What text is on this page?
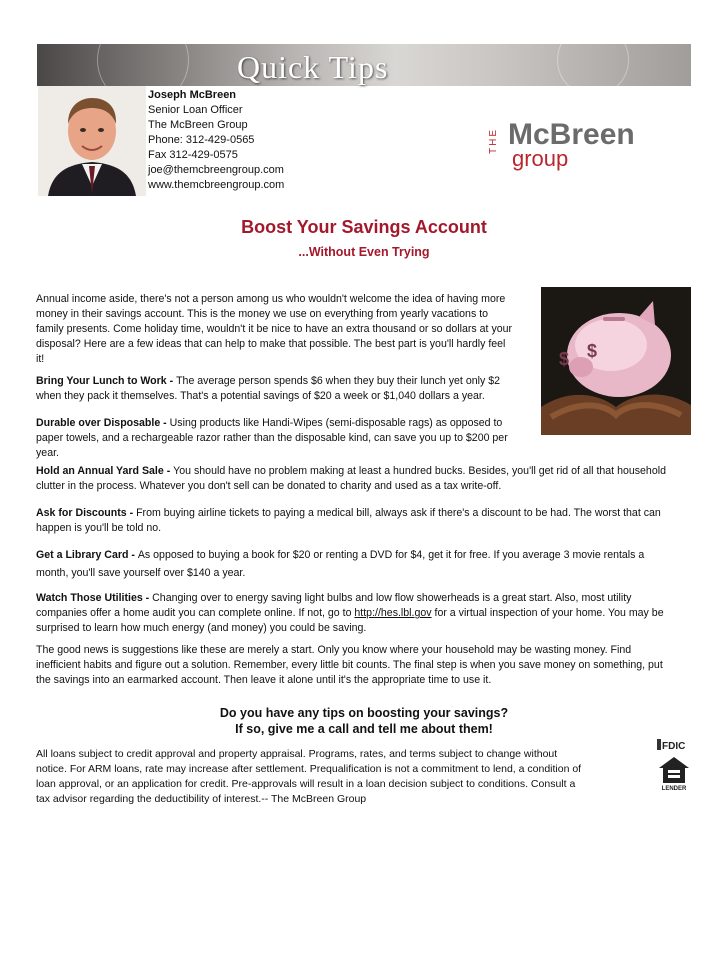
Quick Tips
Joseph McBreen
Senior Loan Officer
The McBreen Group
Phone: 312-429-0565
Fax 312-429-0575
joe@themcbreengroup.com
www.themcbreengroup.com
THE McBreen
group
Boost Your Savings Account
...Without Even Trying
$ $

Annual income aside, there's not a person among us who wouldn't welcome the idea of having more
money in their savings account. This is the money we use on everything from yearly vacations to
family presents. Come holiday time, wouldn't it be nice to have an extra thousand or so dollars at your
disposal? Here are a few ideas that can help to make that possible. The best part is you'll hardly feel
it!

Bring Your Lunch to Work - The average person spends $6 when they buy their lunch yet only $2
when they pack it themselves. That's a potential savings of $20 a week or $1,040 dollars a year.

Durable over Disposable - Using products like Handi-Wipes (semi-disposable rags) as opposed to
paper towels, and a rechargeable razor rather than the disposable kind, can save you up to $200 per
year.

Hold an Annual Yard Sale - You should have no problem making at least a hundred bucks. Besides, you'll get rid of all that household
clutter in the process. Whatever you don't sell can be donated to charity and used as a tax write-off.

Ask for Discounts - From buying airline tickets to paying a medical bill, always ask if there's a discount to be had. The worst that can
happen is you'll be told no.

Get a Library Card - As opposed to buying a book for $20 or renting a DVD for $4, get it for free. If you average 3 movie rentals a
month, you'll save yourself over $140 a year.

Watch Those Utilities - Changing over to energy saving light bulbs and low flow showerheads is a great start. Also, most utility
companies offer a home audit you can complete online. If not, go to http://hes.lbl.gov for a virtual inspection of your home. You may be
surprised to learn how much energy (and money) you could be saving.

The good news is suggestions like these are merely a start. Only you know where your household may be wasting money. Find
inefficient habits and figure out a solution. Remember, every little bit counts. The final step is when you save money on something, put
the savings into an earmarked account. Then leave it alone until it's the appropriate time to use it.

Do you have any tips on boosting your savings?
If so, give me a call and tell me about them!
All loans subject to credit approval and property appraisal. Programs, rates, and terms subject to change without
notice. For ARM loans, rate may increase after settlement. Prequalification is not a commitment to lend, a condition of
loan approval, or an application for credit. Pre-approvals will result in a loan decision subject to conditions. Consult a
tax advisor regarding the deductibility of interest.-- The McBreen Group
FDIC
LENDER
